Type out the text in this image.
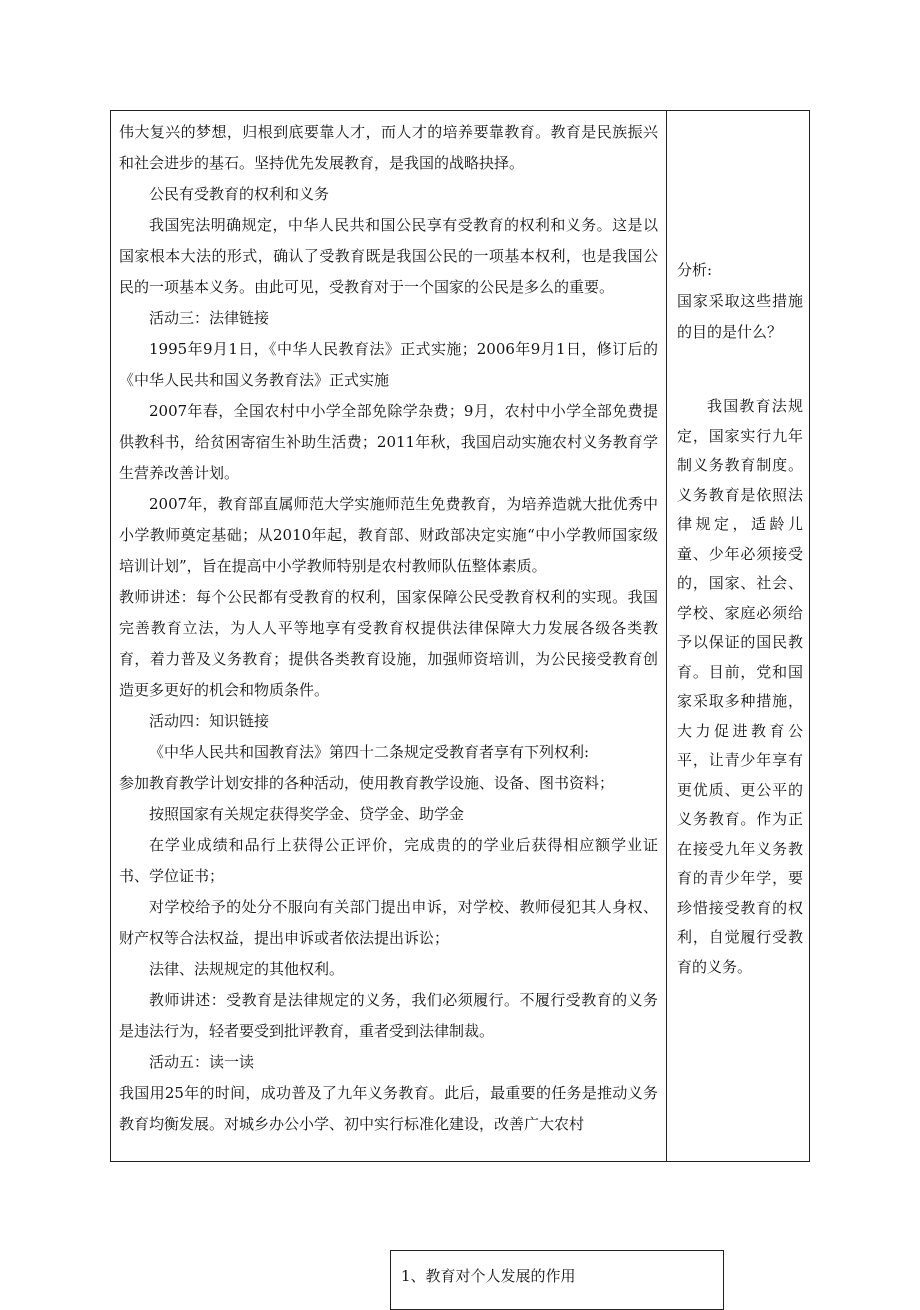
伟大复兴的梦想，归根到底要靠人才，而人才的培养要靠教育。教育是民族振兴和社会进步的基石。坚持优先发展教育，是我国的战略抉择。

公民有受教育的权利和义务

我国宪法明确规定，中华人民共和国公民享有受教育的权利和义务。这是以国家根本大法的形式，确认了受教育既是我国公民的一项基本权利，也是我国公民的一项基本义务。由此可见，受教育对于一个国家的公民是多么的重要。

活动三：法律链接

1995年9月1日，《中华人民教育法》正式实施；2006年9月1日，修订后的《中华人民共和国义务教育法》正式实施

2007年春，全国农村中小学全部免除学杂费；9月，农村中小学全部免费提供教科书，给贫困寄宿生补助生活费；2011年秋，我国启动实施农村义务教育学生营养改善计划。

2007年，教育部直属师范大学实施师范生免费教育，为培养造就大批优秀中小学教师奠定基础；从2010年起，教育部、财政部决定实施“中小学教师国家级培训计划”，旨在提高中小学教师特别是农村教师队伍整体素质。

教师讲述：每个公民都有受教育的权利，国家保障公民受教育权利的实现。我国完善教育立法，为人人平等地享有受教育权提供法律保障大力发展各级各类教育，着力普及义务教育；提供各类教育设施，加强师资培训，为公民接受教育创造更多更好的机会和物质条件。

活动四：知识链接

《中华人民共和国教育法》第四十二条规定受教育者享有下列权利:

参加教育教学计划安排的各种活动，使用教育教学设施、设备、图书资料；

按照国家有关规定获得奖学金、贷学金、助学金

在学业成绩和品行上获得公正评价，完成贵的的学业后获得相应额学业证书、学位证书；

对学校给予的处分不服向有关部门提出申诉，对学校、教师侵犯其人身权、财产权等合法权益，提出申诉或者依法提出诉讼；

法律、法规规定的其他权利。

教师讲述：受教育是法律规定的义务，我们必须履行。不履行受教育的义务是违法行为，轻者要受到批评教育，重者受到法律制裁。

活动五：读一读

我国用25年的时间，成功普及了九年义务教育。此后，最重要的任务是推动义务教育均衡发展。对城乡办公小学、初中实行标准化建设，改善广大农村

分析:

国家采取这些措施的目的是什么？

我国教育法规定，国家实行九年制义务教育制度。义务教育是依照法律规定，适龄儿童、少年必须接受的，国家、社会、学校、家庭必须给予以保证的国民教育。目前，党和国家采取多种措施，大力促进教育公平，让青少年享有更优质、更公平的义务教育。作为正在接受九年义务教育的青少年学，要珍惜接受教育的权利，自觉履行受教育的义务。

1、教育对个人发展的作用
